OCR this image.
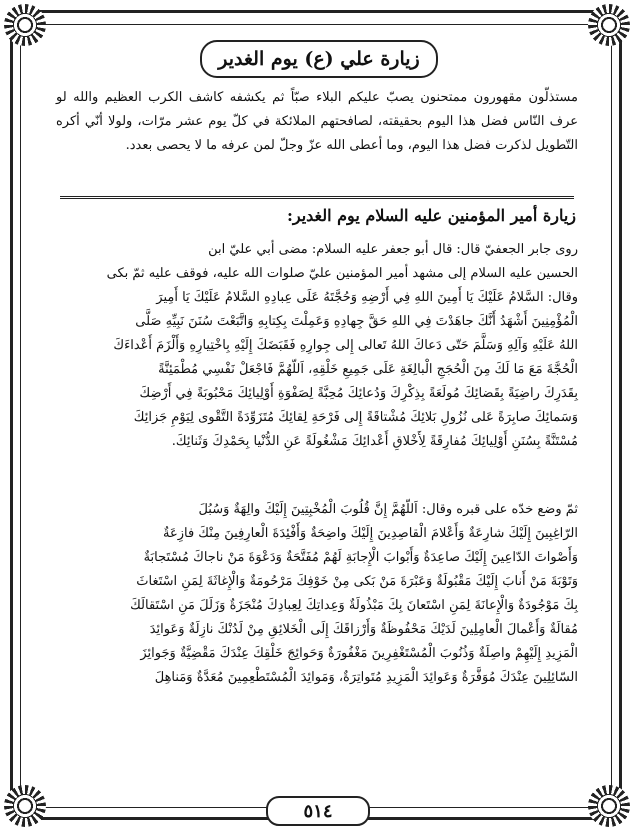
زيارة علي (ع) يوم الغدير
مستذلّون مقهورون ممتحنون يصبّ عليكم البلاء صبّاً ثم يكشفه كاشف الكرب العظيم والله لو عرف النّاس فضل هذا اليوم بحقيقته، لصافحتهم الملائكة في كلّ يوم عشر مرّات، ولولا أنّي أكره التّطويل لذكرت فضل هذا اليوم، وما أعطى الله عزّ وجلّ لمن عرفه ما لا يحصى بعدد.
زيارة أمير المؤمنين عليه السلام يوم الغدير:
روى جابر الجعفيّ قال: قال أبو جعفر عليه السلام: مضى أبي عليّ ابن
الحسين عليه السلام إلى مشهد أمير المؤمنين عليّ صلوات الله عليه، فوقف عليه ثمّ بكى
وقال: السَّلامُ عَلَيْكَ يَا أَمِينَ اللهِ فِي أَرْضِهِ وَحُجَّتَهُ عَلَى عِبادِهِ السَّلامُ عَلَيْكَ يَا أَمِيرَ
الْمُؤْمِنِينَ أَشْهَدُ أَنَّكَ جاهَدْتَ فِي اللهِ حَقَّ جِهادِهِ وَعَمِلْتَ بِكِتابِهِ وَاتَّبَعْتَ سُنَنَ نَبِيِّهِ صَلَّى
اللهُ عَلَيْهِ وَآلِهِ وَسَلَّمَ حَتّى دَعاكَ اللهُ تَعالى إِلى جِوارِهِ فَقَبَضَكَ إِلَيْهِ بِاخْتِيارِهِ وَأَلْزَمَ أَعْداءَكَ
الْحُجَّةَ مَعَ مَا لَكَ مِنَ الْحُجَجِ الْبالِغَةِ عَلَى جَمِيعِ خَلْقِهِ، اَللّهُمَّ فَاجْعَلْ نَفْسِي مُطْمَئِنَّةً
بِقَدَرِكَ راضِيَةً بِقَضائِكَ مُولَعَةً بِذِكْرِكَ وَدُعائِكَ مُحِبَّةً لِصَفْوَةِ أَوْلِيائِكَ مَحْبُوبَةً فِي أَرْضِكَ
وَسَمائِكَ صابِرَةً عَلى نُزُولِ بَلائِكَ مُشْتاقَةً إِلى فَرْحَةِ لِقائِكَ مُتَزَوِّدَةً التَّقْوى لِيَوْمِ جَزائِكَ
مُسْتَنَّةً بِسُنَنِ أَوْلِيائِكَ مُفارِقَةً لِأَخْلاقِ أَعْدائِكَ مَشْغُولَةً عَنِ الدُّنْيا بِحَمْدِكَ وَثَنائِكَ.
ثمّ وضع خدّه على قبره وقال: اَللّهُمَّ إِنَّ قُلُوبَ الْمُخْبِتِينَ إِلَيْكَ والِهَةٌ وَسُبُلَ
الرّاغِبِينَ إِلَيْكَ شارِعَةٌ وَأَعْلامَ الْقاصِدِينَ إِلَيْكَ واضِحَةٌ وَأَفْئِدَةَ الْعارِفِينَ مِنْكَ فازِعَةٌ
وَأَصْواتَ الدّاعِينَ إِلَيْكَ صاعِدَةٌ وَأَبْوابَ الْإِجابَةِ لَهُمْ مُفَتَّحَةٌ وَدَعْوَةَ مَنْ ناجاكَ مُسْتَجابَةٌ
وَتَوْبَةَ مَنْ أَنابَ إِلَيْكَ مَقْبُولَةٌ وَعَبْرَةَ مَنْ بَكى مِنْ خَوْفِكَ مَرْحُومَةٌ وَالْإِغاثَةَ لِمَنِ اسْتَغاثَ
بِكَ مَوْجُودَةٌ وَالْإِعانَةَ لِمَنِ اسْتَعانَ بِكَ مَبْذُولَةٌ وَعِداتِكَ لِعِبادِكَ مُنْجَزَةٌ وَزَلَلَ مَنِ اسْتَقالَكَ
مُقالَةٌ وَأَعْمالَ الْعامِلِينَ لَدَيْكَ مَحْفُوظَةٌ وَأَرْزاقَكَ إِلَى الْخَلائِقِ مِنْ لَدُنْكَ نازِلَةٌ وَعَوائِدَ
الْمَزِيدِ إِلَيْهِمْ واصِلَةٌ وَذُنُوبَ الْمُسْتَغْفِرِينَ مَغْفُورَةٌ وَحَوائِجَ خَلْقِكَ عِنْدَكَ مَقْضِيَّةٌ وَجَوائِزَ
السّائِلِينَ عِنْدَكَ مُوَفَّرَةٌ وَعَوائِدَ الْمَزِيدِ مُتَواتِرَةٌ، وَمَوائِدَ الْمُسْتَطْعِمِينَ مُعَدَّةٌ وَمَناهِلَ
٥١٤
